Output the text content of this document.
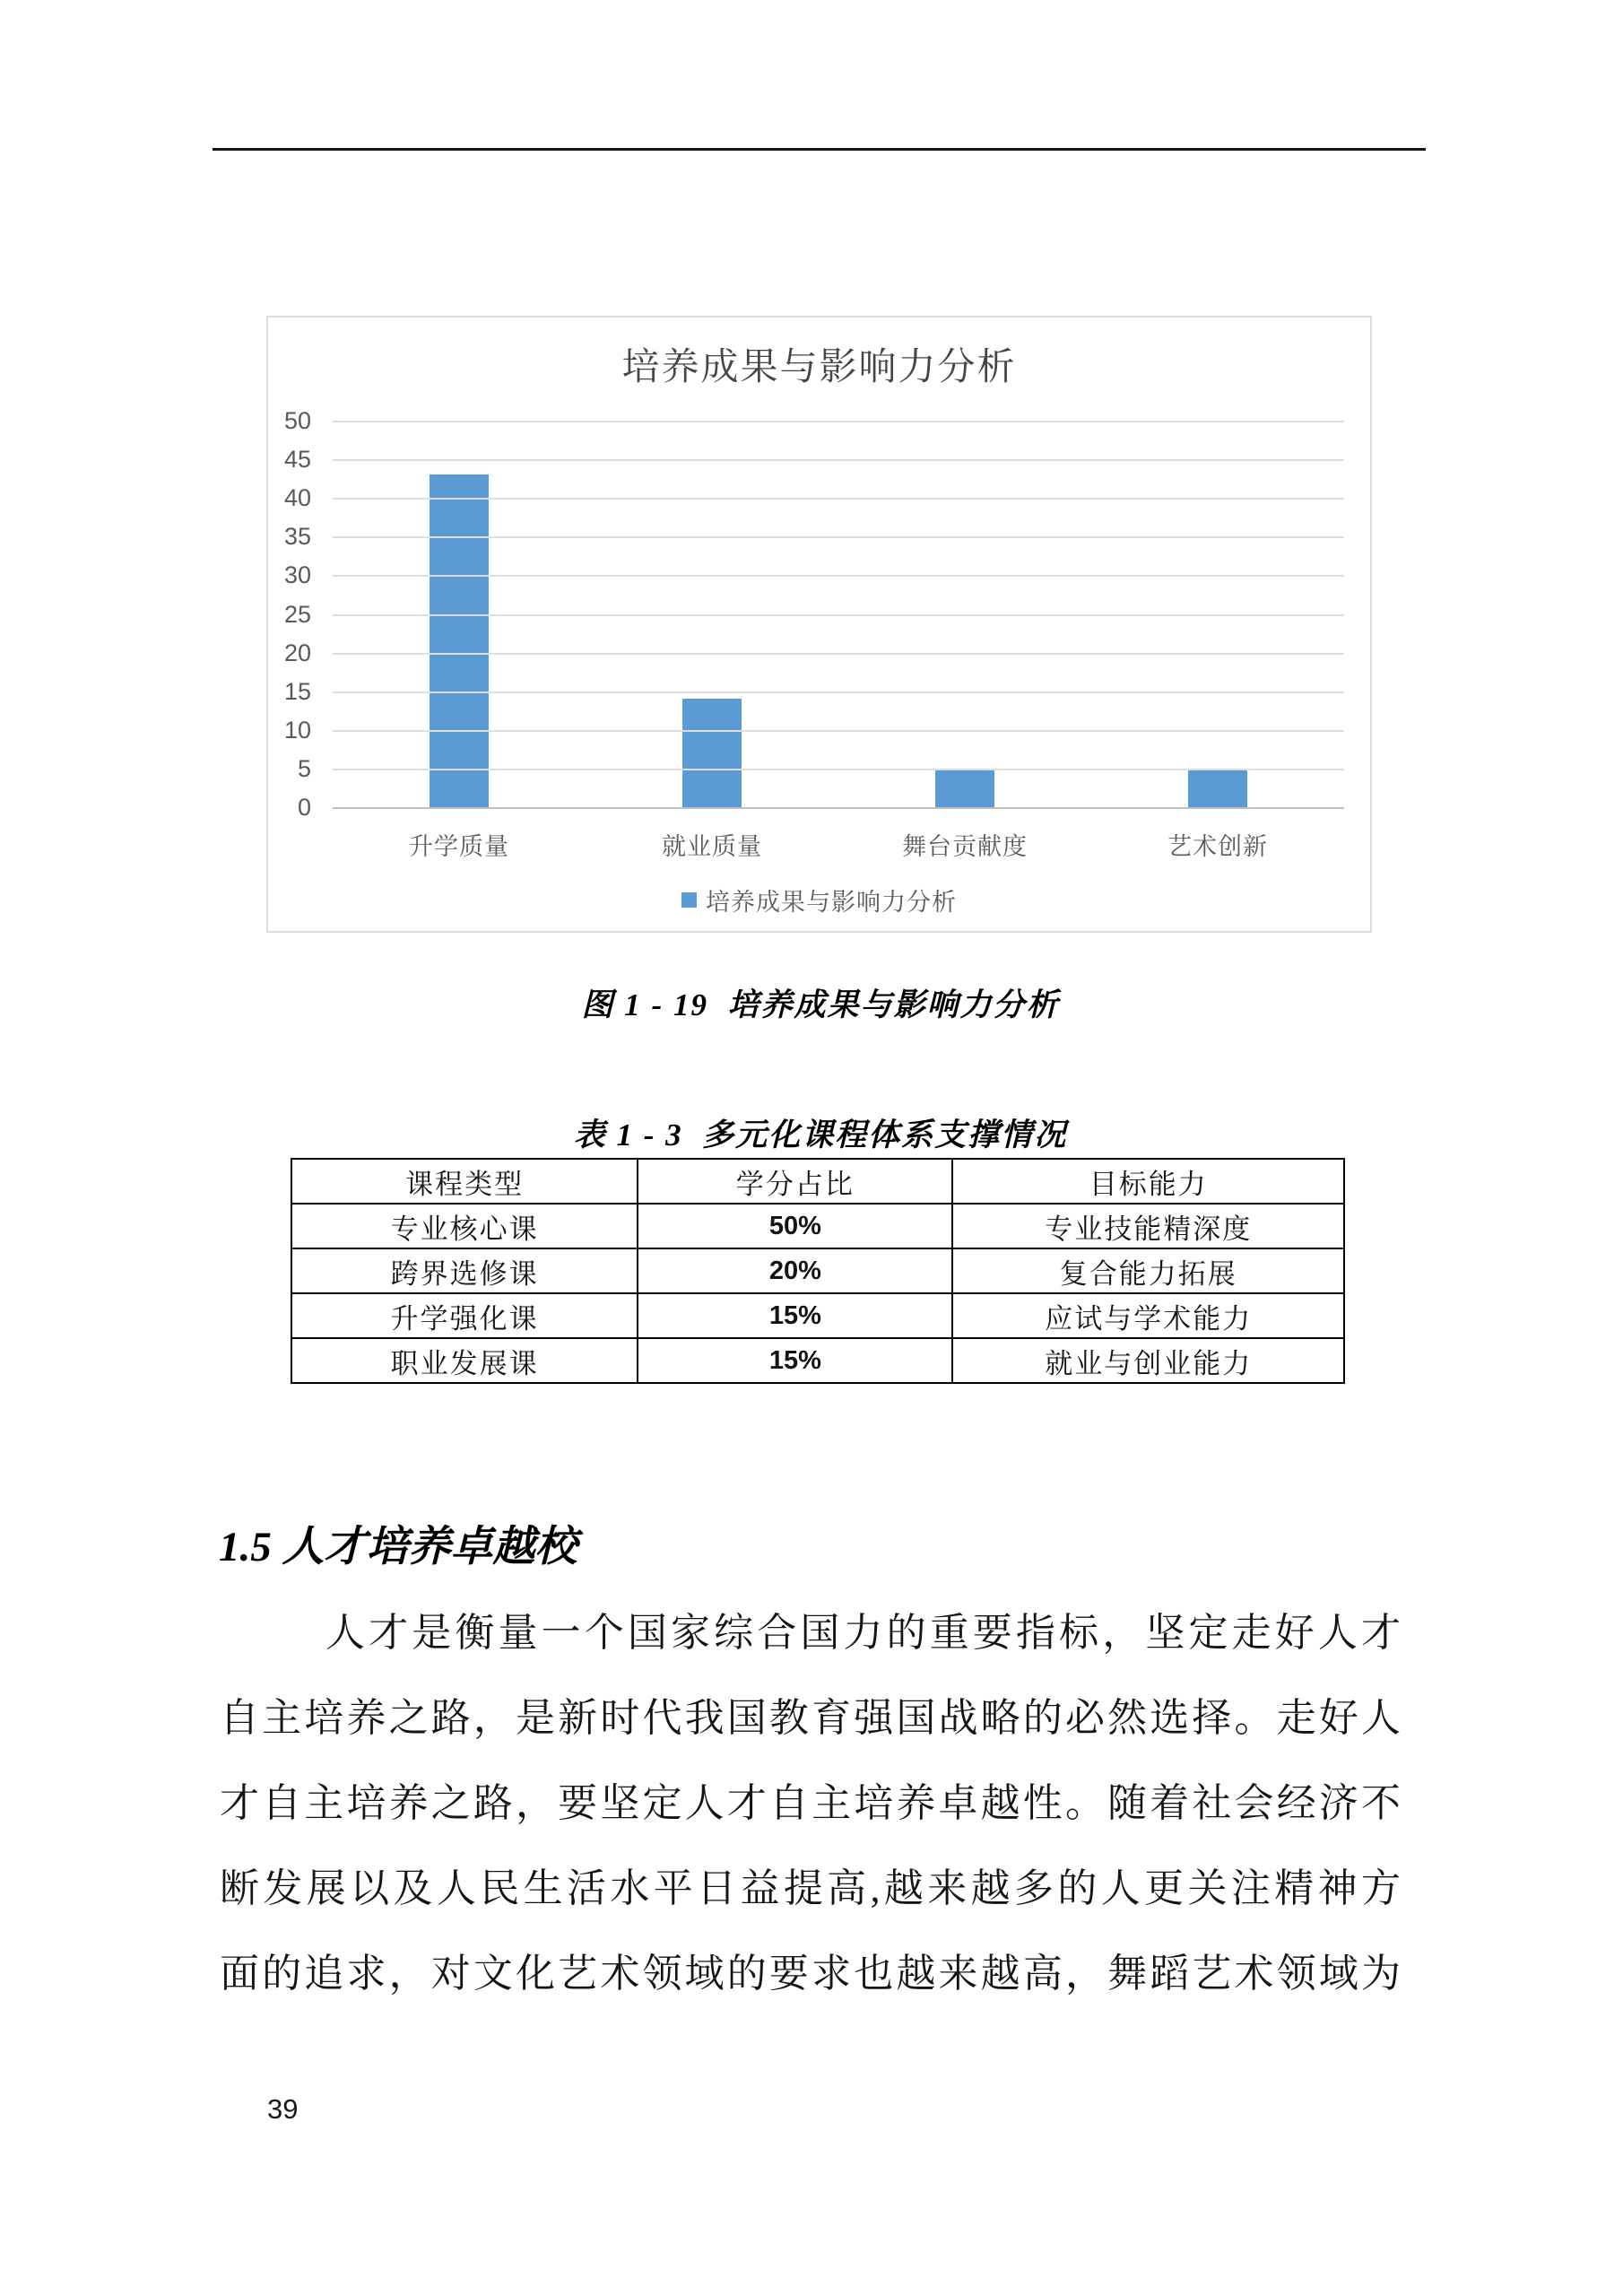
培养成果与影响力分析
50
45
40
35
30
25
20
15
10
5
0
升学质量	就业质量	舞台贡献度	艺术创新
培养成果与影响力分析
图 1 - 19  培养成果与影响力分析
表 1 - 3  多元化课程体系支撑情况
课程类型	学分占比	目标能力
专业核心课	50%	专业技能精深度
跨界选修课	20%	复合能力拓展
升学强化课	15%	应试与学术能力
职业发展课	15%	就业与创业能力
1.5 人才培养卓越校
人才是衡量一个国家综合国力的重要指标，坚定走好人才
自主培养之路，是新时代我国教育强国战略的必然选择。走好人
才自主培养之路，要坚定人才自主培养卓越性。随着社会经济不
断发展以及人民生活水平日益提高,越来越多的人更关注精神方
面的追求，对文化艺术领域的要求也越来越高，舞蹈艺术领域为
39
